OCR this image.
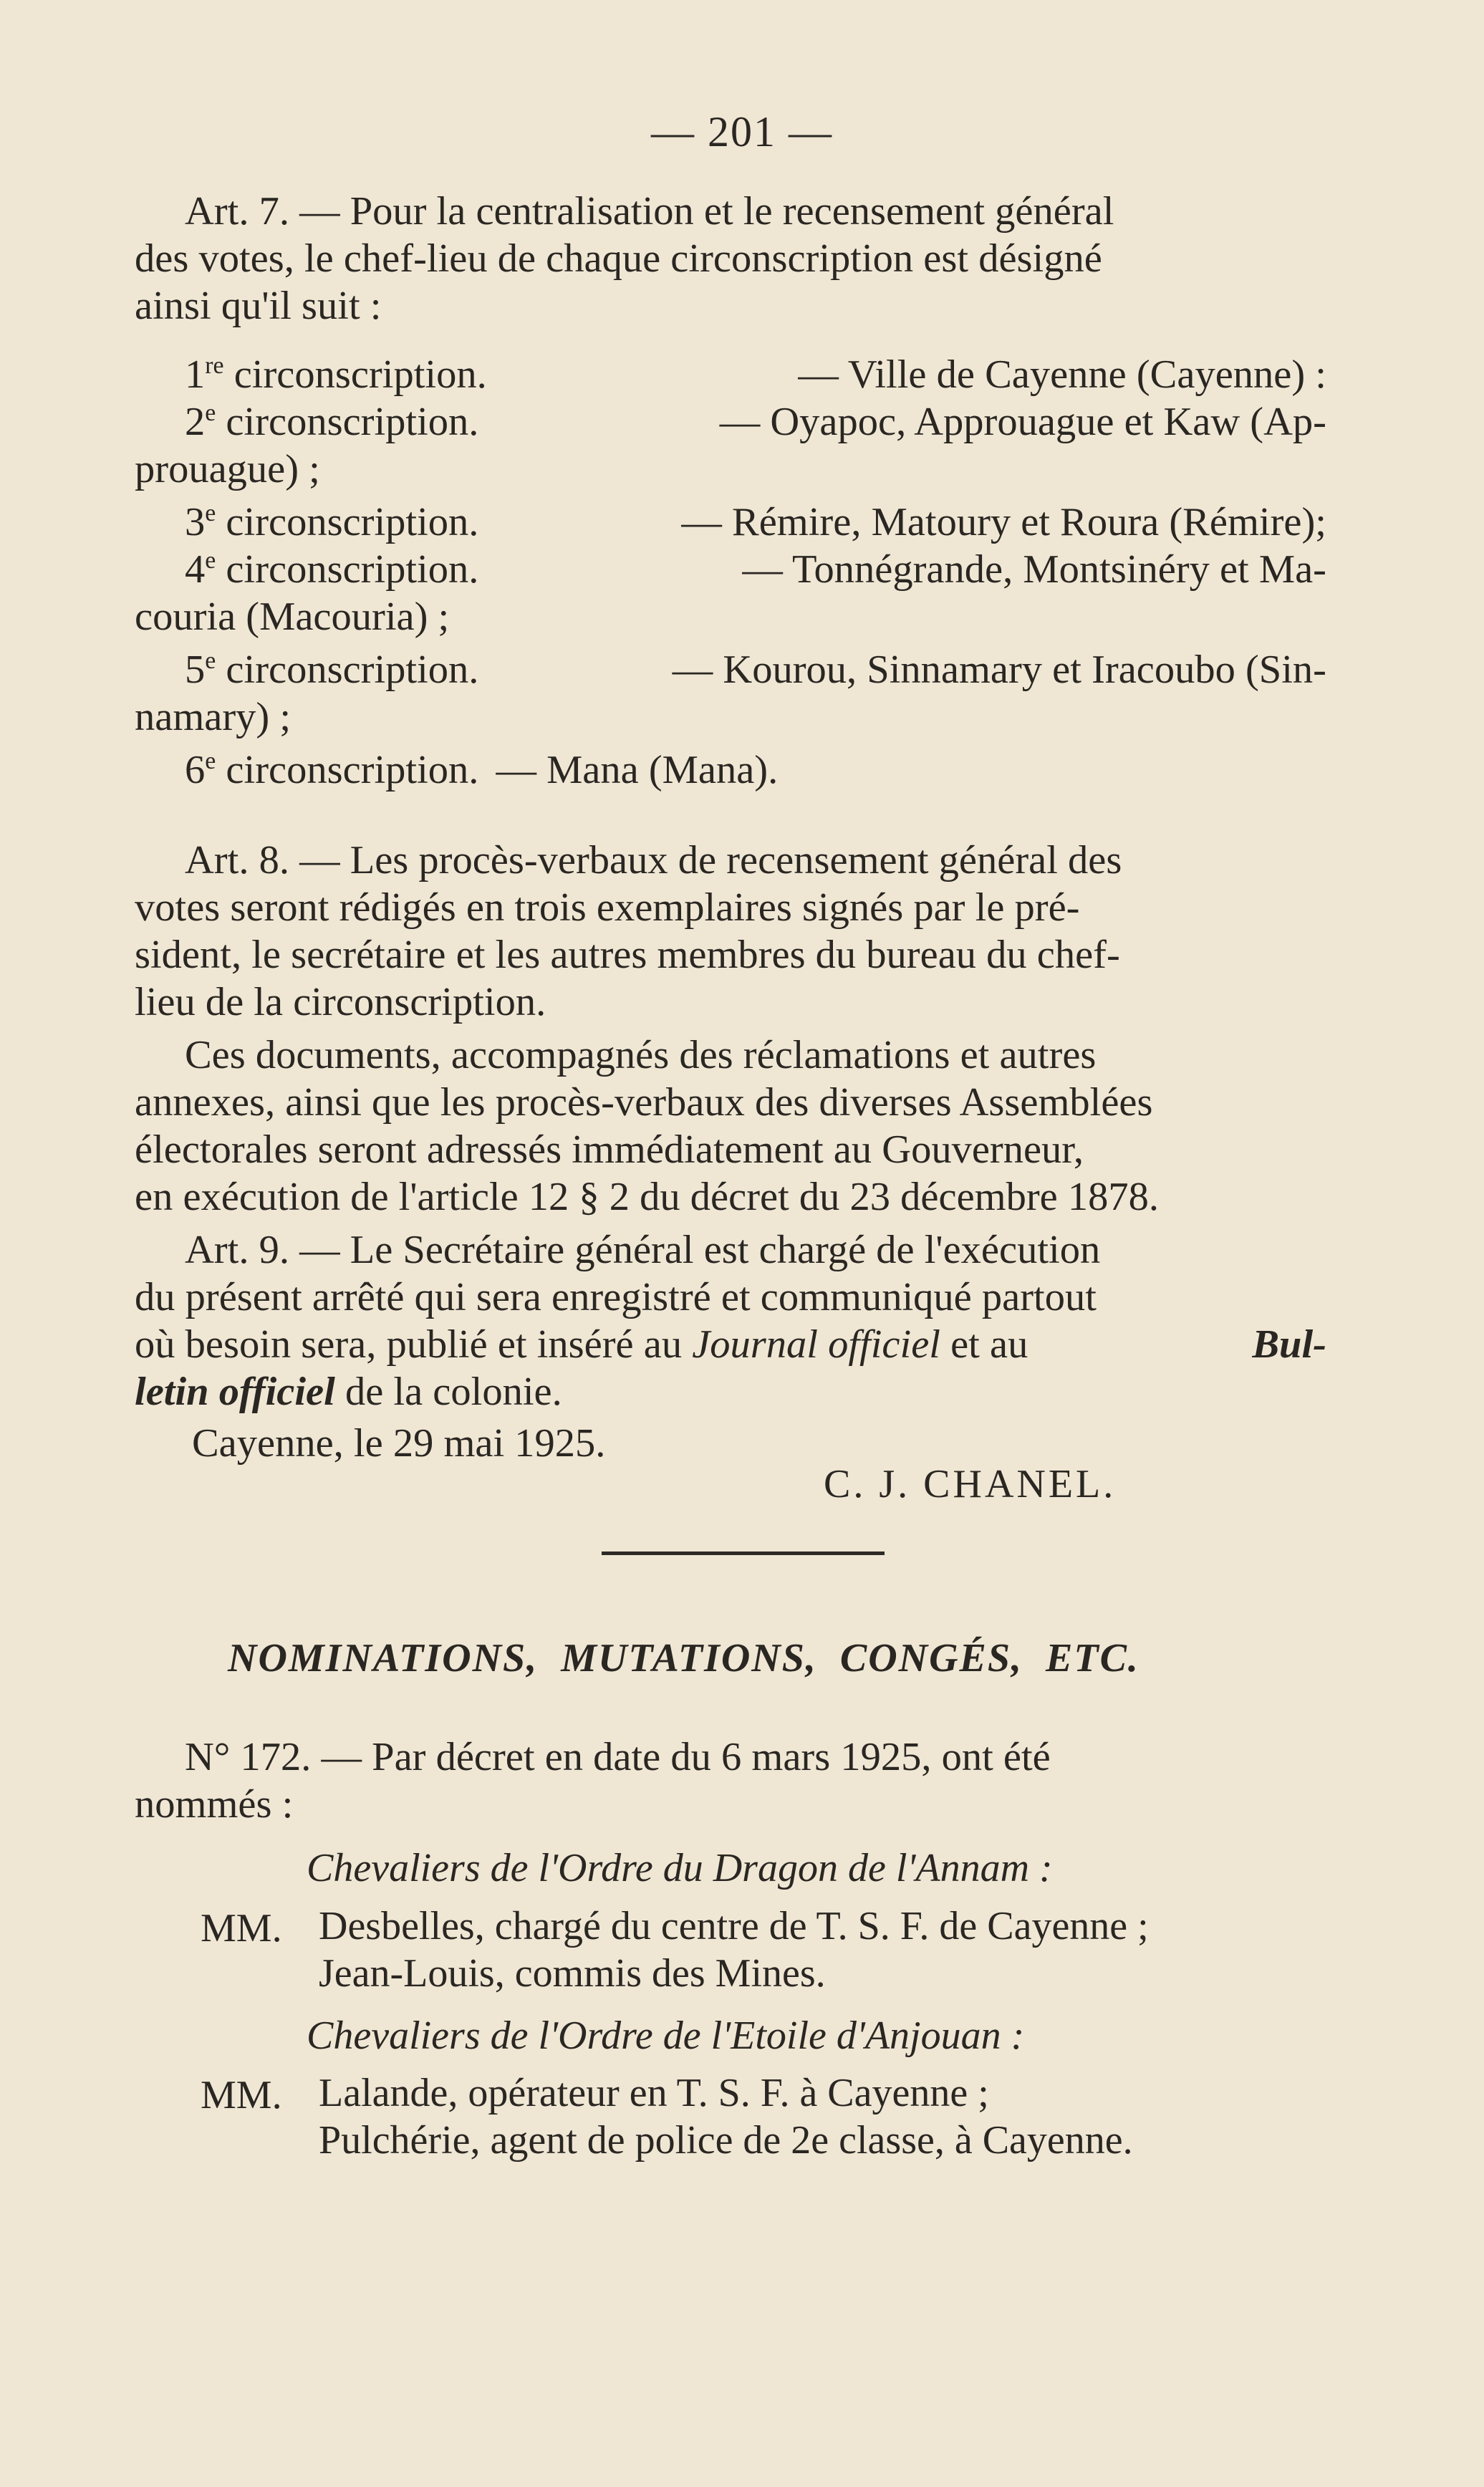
— 201 —

Art. 7. — Pour la centralisation et le recensement général

des votes, le chef-lieu de chaque circonscription est désigné

ainsi qu'il suit :

1re circonscription.	— Ville de Cayenne (Cayenne) :
2e circonscription.	— Oyapoc, Approuague et Kaw (Ap-

prouague) ;

3e circonscription.	— Rémire, Matoury et Roura (Rémire);
4e circonscription.	— Tonnégrande, Montsinéry et Ma-

couria (Macouria) ;

5e circonscription.	— Kourou, Sinnamary et Iracoubo (Sin-

namary) ;

6e circonscription. — Mana (Mana).

Art. 8. — Les procès-verbaux de recensement général des

votes seront rédigés en trois exemplaires signés par le pré-

sident, le secrétaire et les autres membres du bureau du chef-

lieu de la circonscription.

Ces documents, accompagnés des réclamations et autres

annexes, ainsi que les procès-verbaux des diverses Assemblées

électorales seront adressés immédiatement au Gouverneur,

en exécution de l'article 12 § 2 du décret du 23 décembre 1878.

Art. 9. — Le Secrétaire général est chargé de l'exécution

du présent arrêté qui sera enregistré et communiqué partout

où besoin sera, publié et inséré au Journal officiel et au	Bul-

letin officiel de la colonie.

Cayenne, le 29 mai 1925.
C. J. CHANEL.
NOMINATIONS,  MUTATIONS,  CONGÉS,  ETC.

N° 172. — Par décret en date du 6 mars 1925, ont été

nommés :

Chevaliers de l'Ordre du Dragon de l'Annam :
MM. Desbelles, chargé du centre de T. S. F. de Cayenne ;
Jean-Louis, commis des Mines.
Chevaliers de l'Ordre de l'Etoile d'Anjouan :
MM. Lalande, opérateur en T. S. F. à Cayenne ;
Pulchérie, agent de police de 2e classe, à Cayenne.
